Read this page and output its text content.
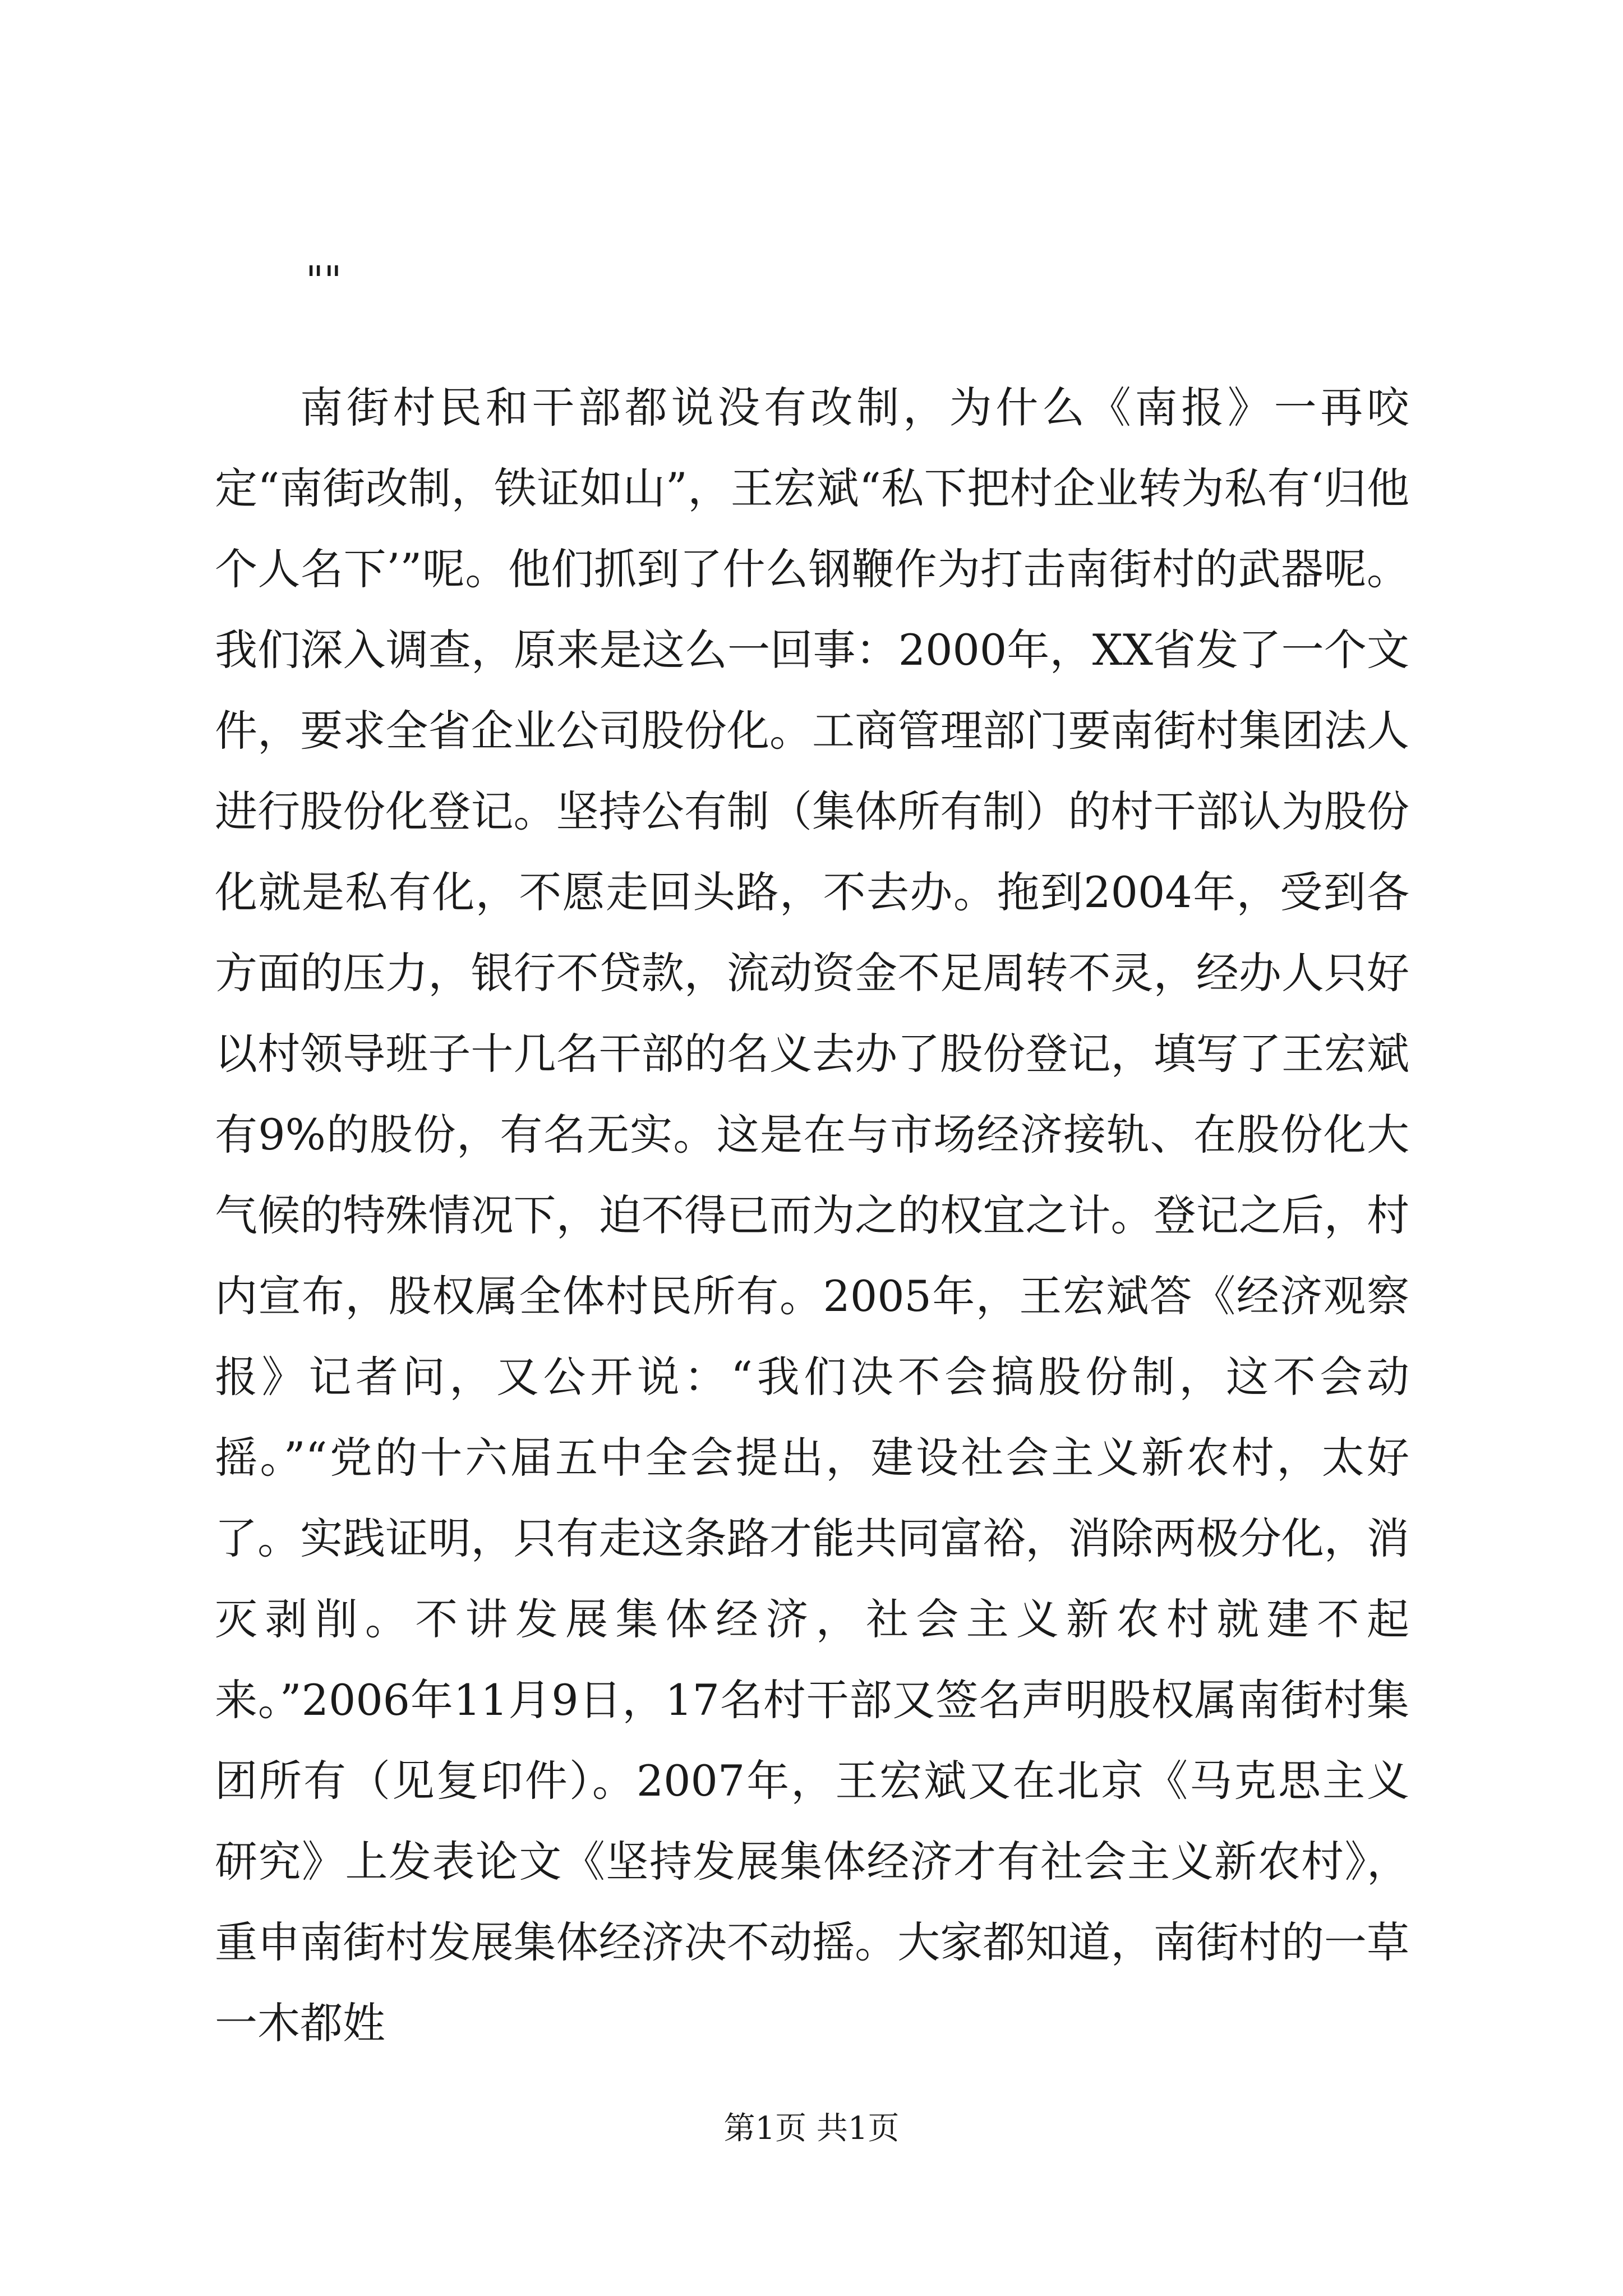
""

南街村民和干部都说没有改制，为什么《南报》一再咬定“南街改制，铁证如山”，王宏斌“私下把村企业转为私有‘归他个人名下’”呢。他们抓到了什么钢鞭作为打击南街村的武器呢。我们深入调查，原来是这么一回事：2000年，XX省发了一个文件，要求全省企业公司股份化。工商管理部门要南街村集团法人进行股份化登记。坚持公有制（集体所有制）的村干部认为股份化就是私有化，不愿走回头路，不去办。拖到2004年，受到各方面的压力，银行不贷款，流动资金不足周转不灵，经办人只好以村领导班子十几名干部的名义去办了股份登记，填写了王宏斌有9%的股份，有名无实。这是在与市场经济接轨、在股份化大气候的特殊情况下，迫不得已而为之的权宜之计。登记之后，村内宣布，股权属全体村民所有。2005年，王宏斌答《经济观察报》记者问，又公开说：“我们决不会搞股份制，这不会动摇。”“党的十六届五中全会提出，建设社会主义新农村，太好了。实践证明，只有走这条路才能共同富裕，消除两极分化，消灭剥削。不讲发展集体经济，社会主义新农村就建不起来。”2006年11月9日，17名村干部又签名声明股权属南街村集团所有（见复印件）。2007年，王宏斌又在北京《马克思主义研究》上发表论文《坚持发展集体经济才有社会主义新农村》，重申南街村发展集体经济决不动摇。大家都知道，南街村的一草一木都姓

第1页 共1页
